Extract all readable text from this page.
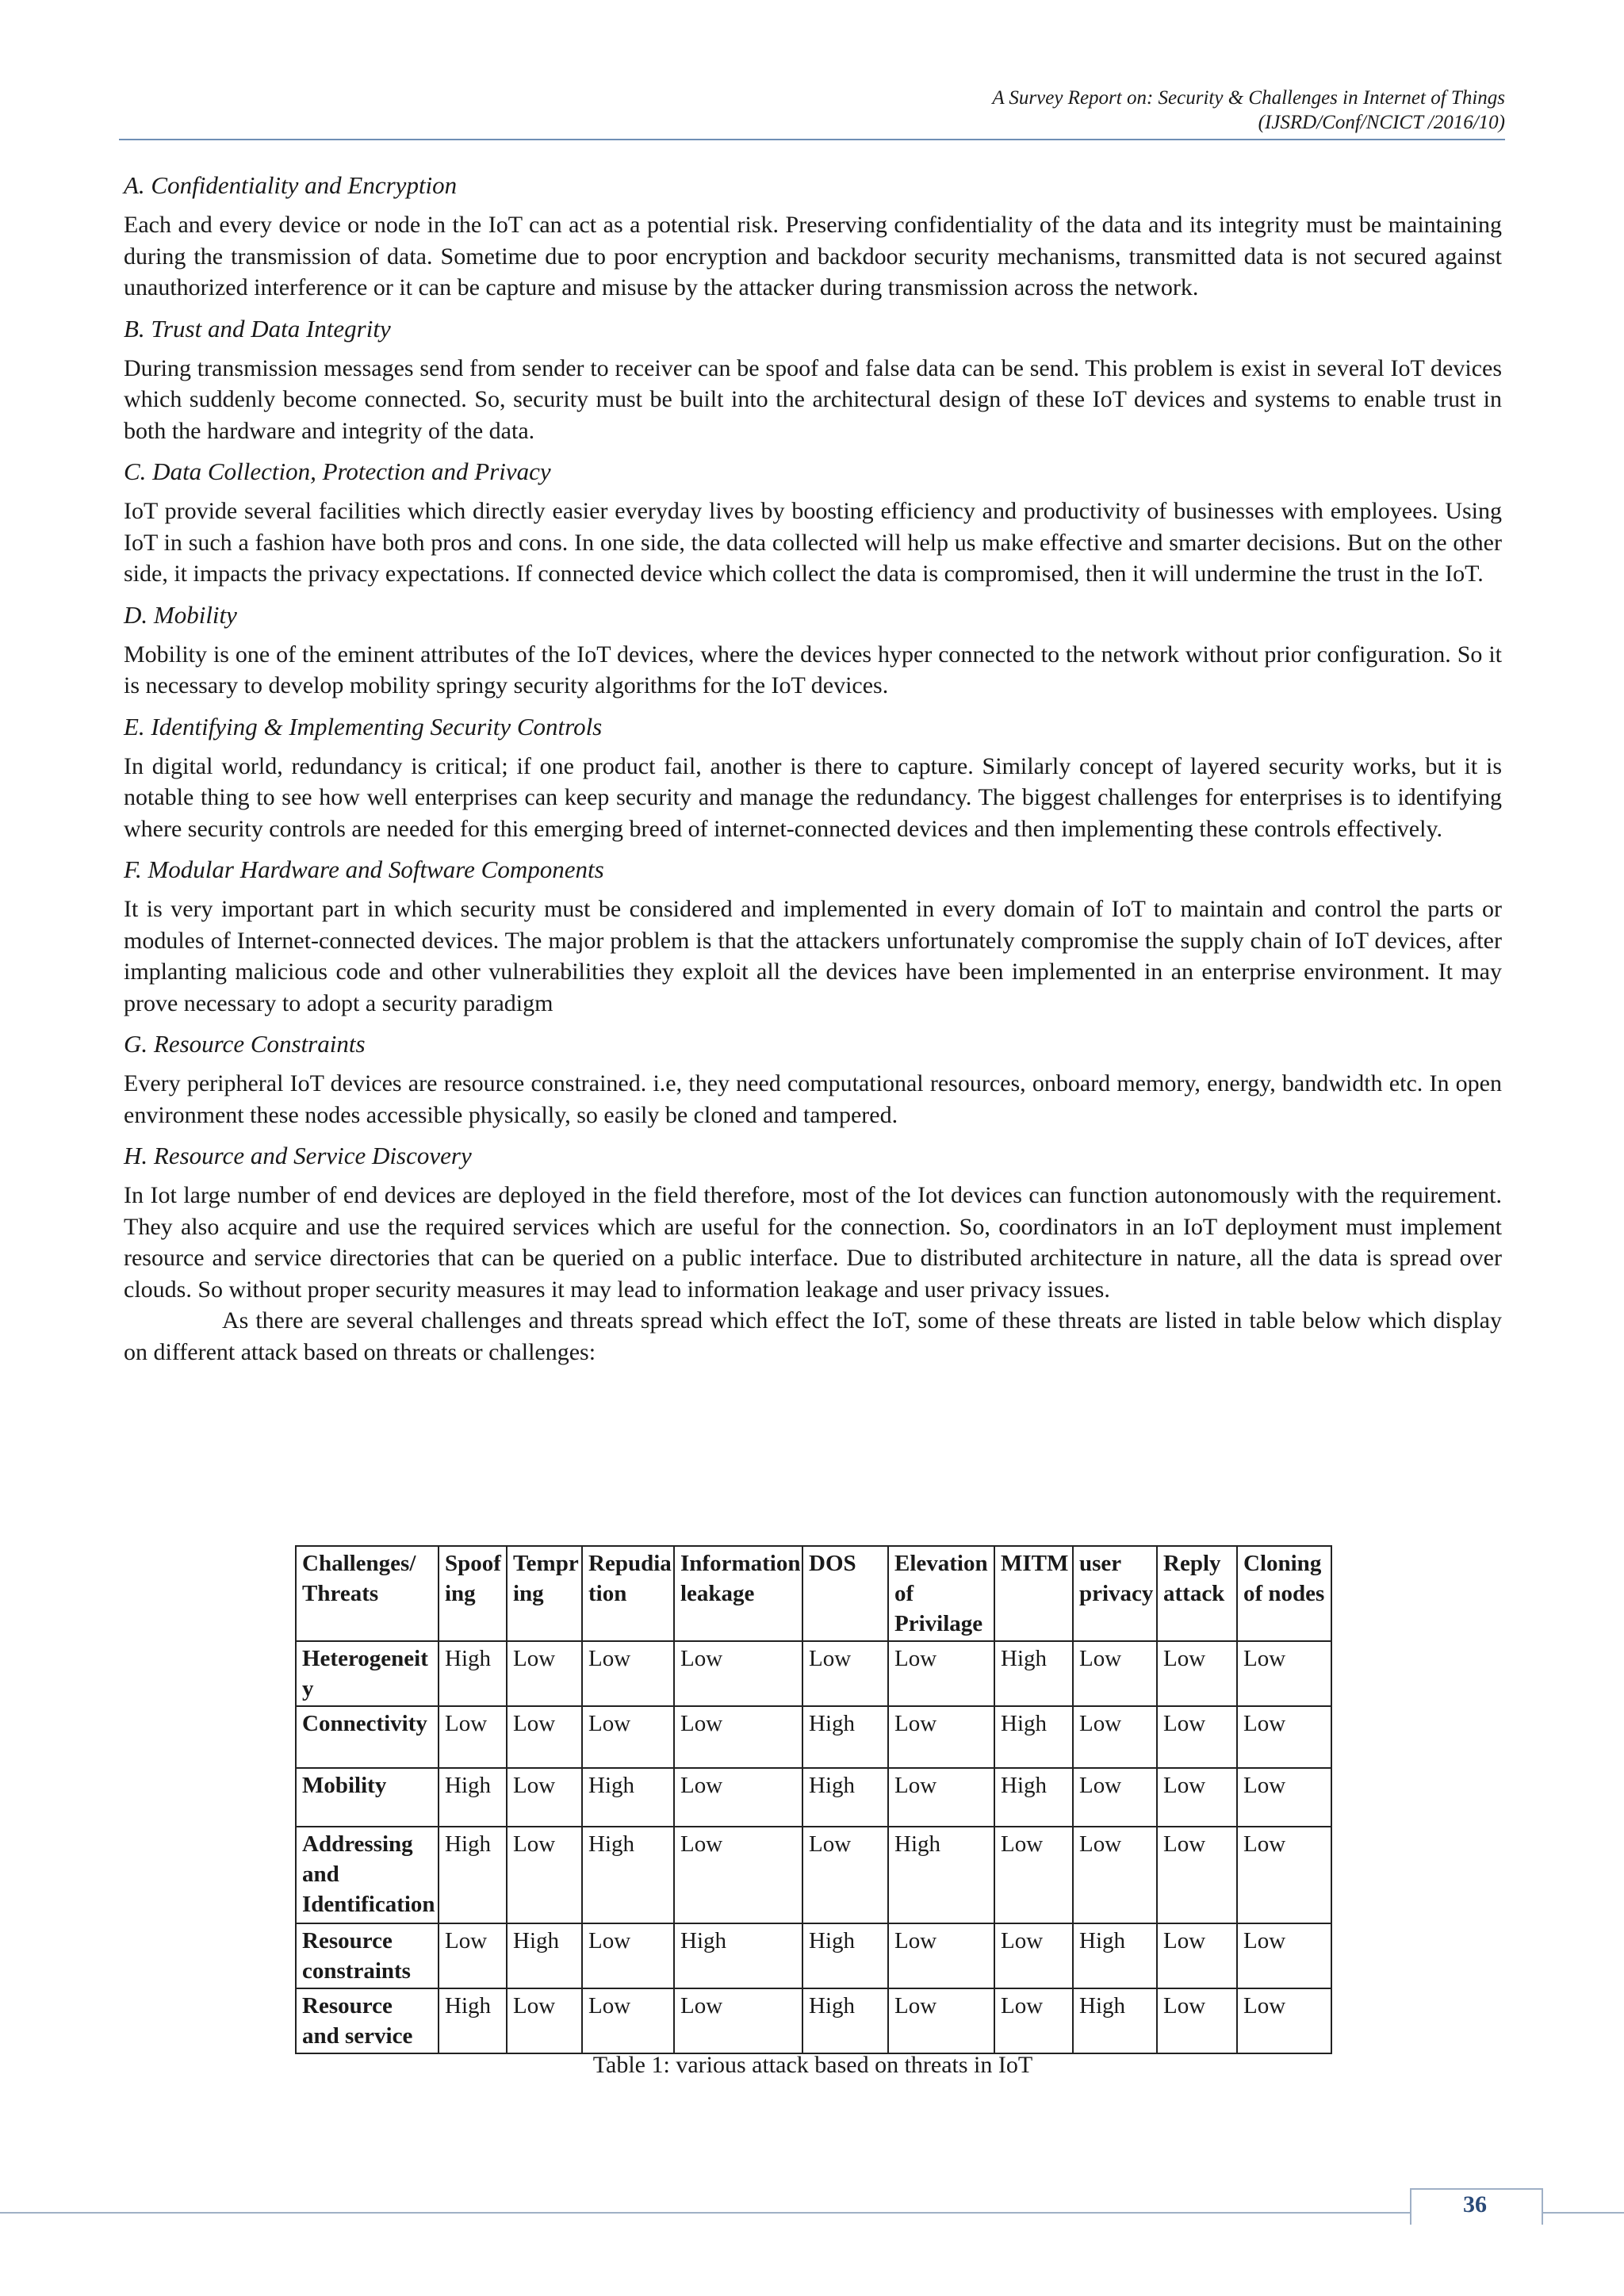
A Survey Report on: Security & Challenges in Internet of Things
(IJSRD/Conf/NCICT /2016/10)
A. Confidentiality and Encryption
Each and every device or node in the IoT can act as a potential risk. Preserving confidentiality of the data and its integrity must be maintaining during the transmission of data. Sometime due to poor encryption and backdoor security mechanisms, transmitted data is not secured against unauthorized interference or it can be capture and misuse by the attacker during transmission across the network.
B. Trust and Data Integrity
During transmission messages send from sender to receiver can be spoof and false data can be send. This problem is exist in several IoT devices which suddenly become connected. So, security must be built into the architectural design of these IoT devices and systems to enable trust in both the hardware and integrity of the data.
C. Data Collection, Protection and Privacy
IoT provide several facilities which directly easier everyday lives by boosting efficiency and productivity of businesses with employees. Using IoT in such a fashion have both pros and cons. In one side, the data collected will help us make effective and smarter decisions. But on the other side, it impacts the privacy expectations. If connected device which collect the data is compromised, then it will undermine the trust in the IoT.
D. Mobility
Mobility is one of the eminent attributes of the IoT devices, where the devices hyper connected to the network without prior configuration. So it is necessary to develop mobility springy security algorithms for the IoT devices.
E. Identifying & Implementing Security Controls
In digital world, redundancy is critical; if one product fail, another is there to capture. Similarly concept of layered security works, but it is notable thing to see how well enterprises can keep security and manage the redundancy. The biggest challenges for enterprises is to identifying where security controls are needed for this emerging breed of internet-connected devices and then implementing these controls effectively.
F. Modular Hardware and Software Components
It is very important part in which security must be considered and implemented in every domain of IoT to maintain and control the parts or modules of Internet-connected devices. The major problem is that the attackers unfortunately compromise the supply chain of IoT devices, after implanting malicious code and other vulnerabilities they exploit all the devices have been implemented in an enterprise environment. It may prove necessary to adopt a security paradigm
G. Resource Constraints
Every peripheral IoT devices are resource constrained. i.e, they need computational resources, onboard memory, energy, bandwidth etc. In open environment these nodes accessible physically, so easily be cloned and tampered.
H. Resource and Service Discovery
In Iot large number of end devices are deployed in the field therefore, most of the Iot devices can function autonomously with the requirement. They also acquire and use the required services which are useful for the connection. So, coordinators in an IoT deployment must implement resource and service directories that can be queried on a public interface. Due to distributed architecture in nature, all the data is spread over clouds. So without proper security measures it may lead to information leakage and user privacy issues.

As there are several challenges and threats spread which effect the IoT, some of these threats are listed in table below which display on different attack based on threats or challenges:

Challenges/ Threats	Spoof ing	Tempr ing	Repudia tion	Information leakage	DOS	Elevation of Privilage	MITM	user privacy	Reply attack	Cloning of nodes
Heterogeneit y	High	Low	Low	Low	Low	Low	High	Low	Low	Low
Connectivity	Low	Low	Low	Low	High	Low	High	Low	Low	Low
Mobility	High	Low	High	Low	High	Low	High	Low	Low	Low
Addressing and Identification	High	Low	High	Low	Low	High	Low	Low	Low	Low
Resource constraints	Low	High	Low	High	High	Low	Low	High	Low	Low
Resource and service	High	Low	Low	Low	High	Low	Low	High	Low	Low
Table 1: various attack based on threats in IoT
36
